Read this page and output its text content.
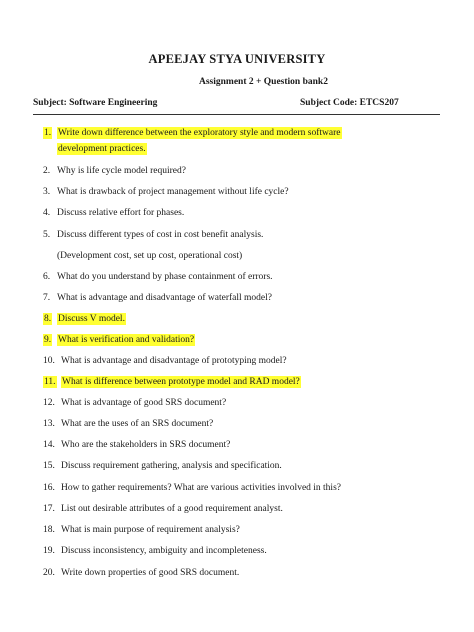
APEEJAY STYA UNIVERSITY
Assignment 2 + Question bank2
Subject: Software Engineering	Subject Code: ETCS207
1. Write down difference between the exploratory style and modern software
development practices.
2. Why is life cycle model required?
3. What is drawback of project management without life cycle?
4. Discuss relative effort for phases.
5. Discuss different types of cost in cost benefit analysis.
(Development cost, set up cost, operational cost)
6. What do you understand by phase containment of errors.
7. What is advantage and disadvantage of waterfall model?
8. Discuss V model.
9. What is verification and validation?
10. What is advantage and disadvantage of prototyping model?
11. What is difference between prototype model and RAD model?
12. What is advantage of good SRS document?
13. What are the uses of an SRS document?
14. Who are the stakeholders in SRS document?
15. Discuss requirement gathering, analysis and specification.
16. How to gather requirements? What are various activities involved in this?
17. List out desirable attributes of a good requirement analyst.
18. What is main purpose of requirement analysis?
19. Discuss inconsistency, ambiguity and incompleteness.
20. Write down properties of good SRS document.
